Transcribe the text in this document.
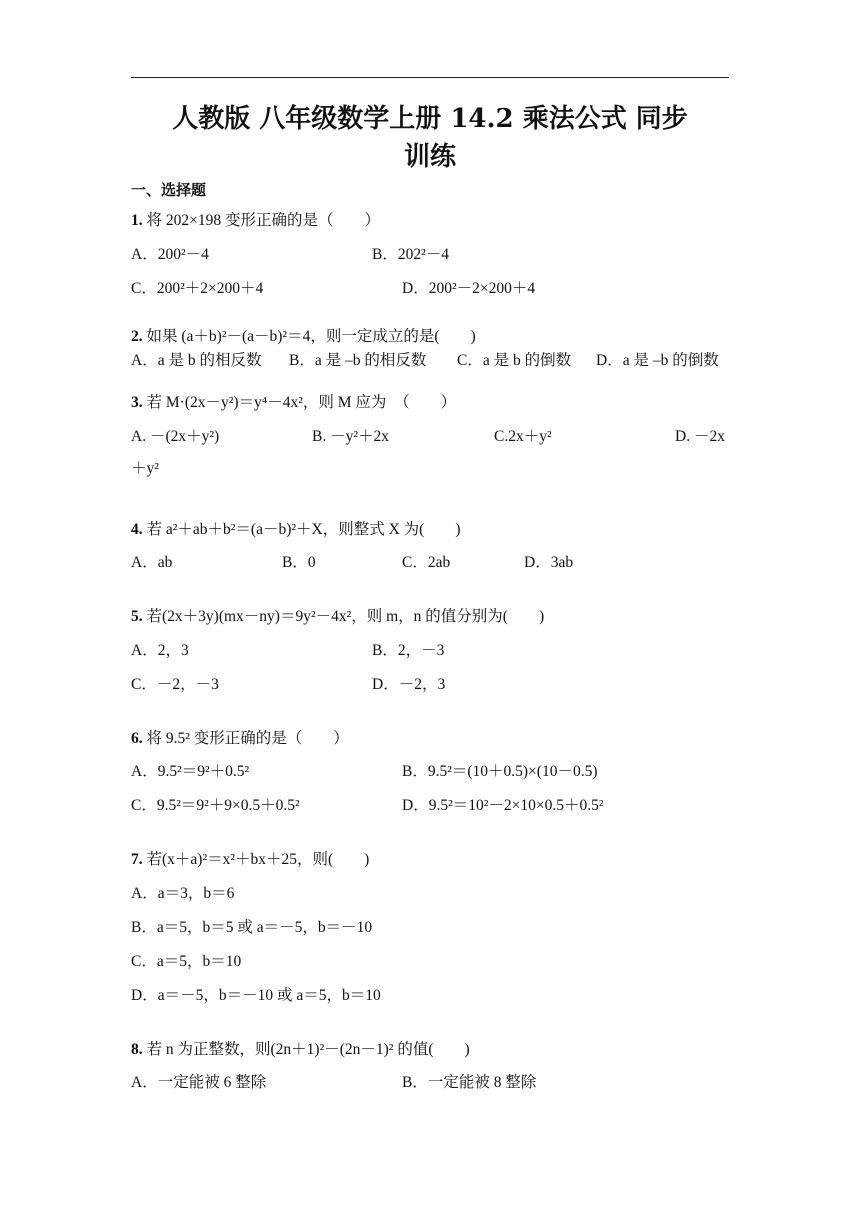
人教版 八年级数学上册 14.2 乘法公式 同步
训练
一、选择题
1. 将 202×198 变形正确的是（　　）
A．200²－4	B．202²－4
C．200²＋2×200＋4	D．200²－2×200＋4
2. 如果 (a＋b)²－(a－b)²＝4，则一定成立的是(　　)
A．a 是 b 的相反数 B．a 是 –b 的相反数 C．a 是 b 的倒数 D．a 是 –b 的倒数
3. 若 M·(2x－y²)＝y⁴－4x²，则 M 应为　（　　）
A. －(2x＋y²)	B. －y²＋2x	C.2x＋y²	D. －2x
＋y²
4. 若 a²＋ab＋b²＝(a－b)²＋X，则整式 X 为(　　)
A．ab	B．0	C．2ab	D．3ab
5. 若(2x＋3y)(mx－ny)＝9y²－4x²，则 m，n 的值分别为(　　)
A．2，3	B．2，－3
C．－2，－3	D．－2，3
6. 将 9.5² 变形正确的是（　　）
A．9.5²＝9²＋0.5²	B．9.5²＝(10＋0.5)×(10－0.5)
C．9.5²＝9²＋9×0.5＋0.5²	D．9.5²＝10²－2×10×0.5＋0.5²
7. 若(x＋a)²＝x²＋bx＋25，则(　　)
A．a＝3，b＝6
B．a＝5，b＝5 或 a＝－5，b＝－10
C．a＝5，b＝10
D．a＝－5，b＝－10 或 a＝5，b＝10
8. 若 n 为正整数，则(2n＋1)²－(2n－1)² 的值(　　)
A．一定能被 6 整除	B．一定能被 8 整除
